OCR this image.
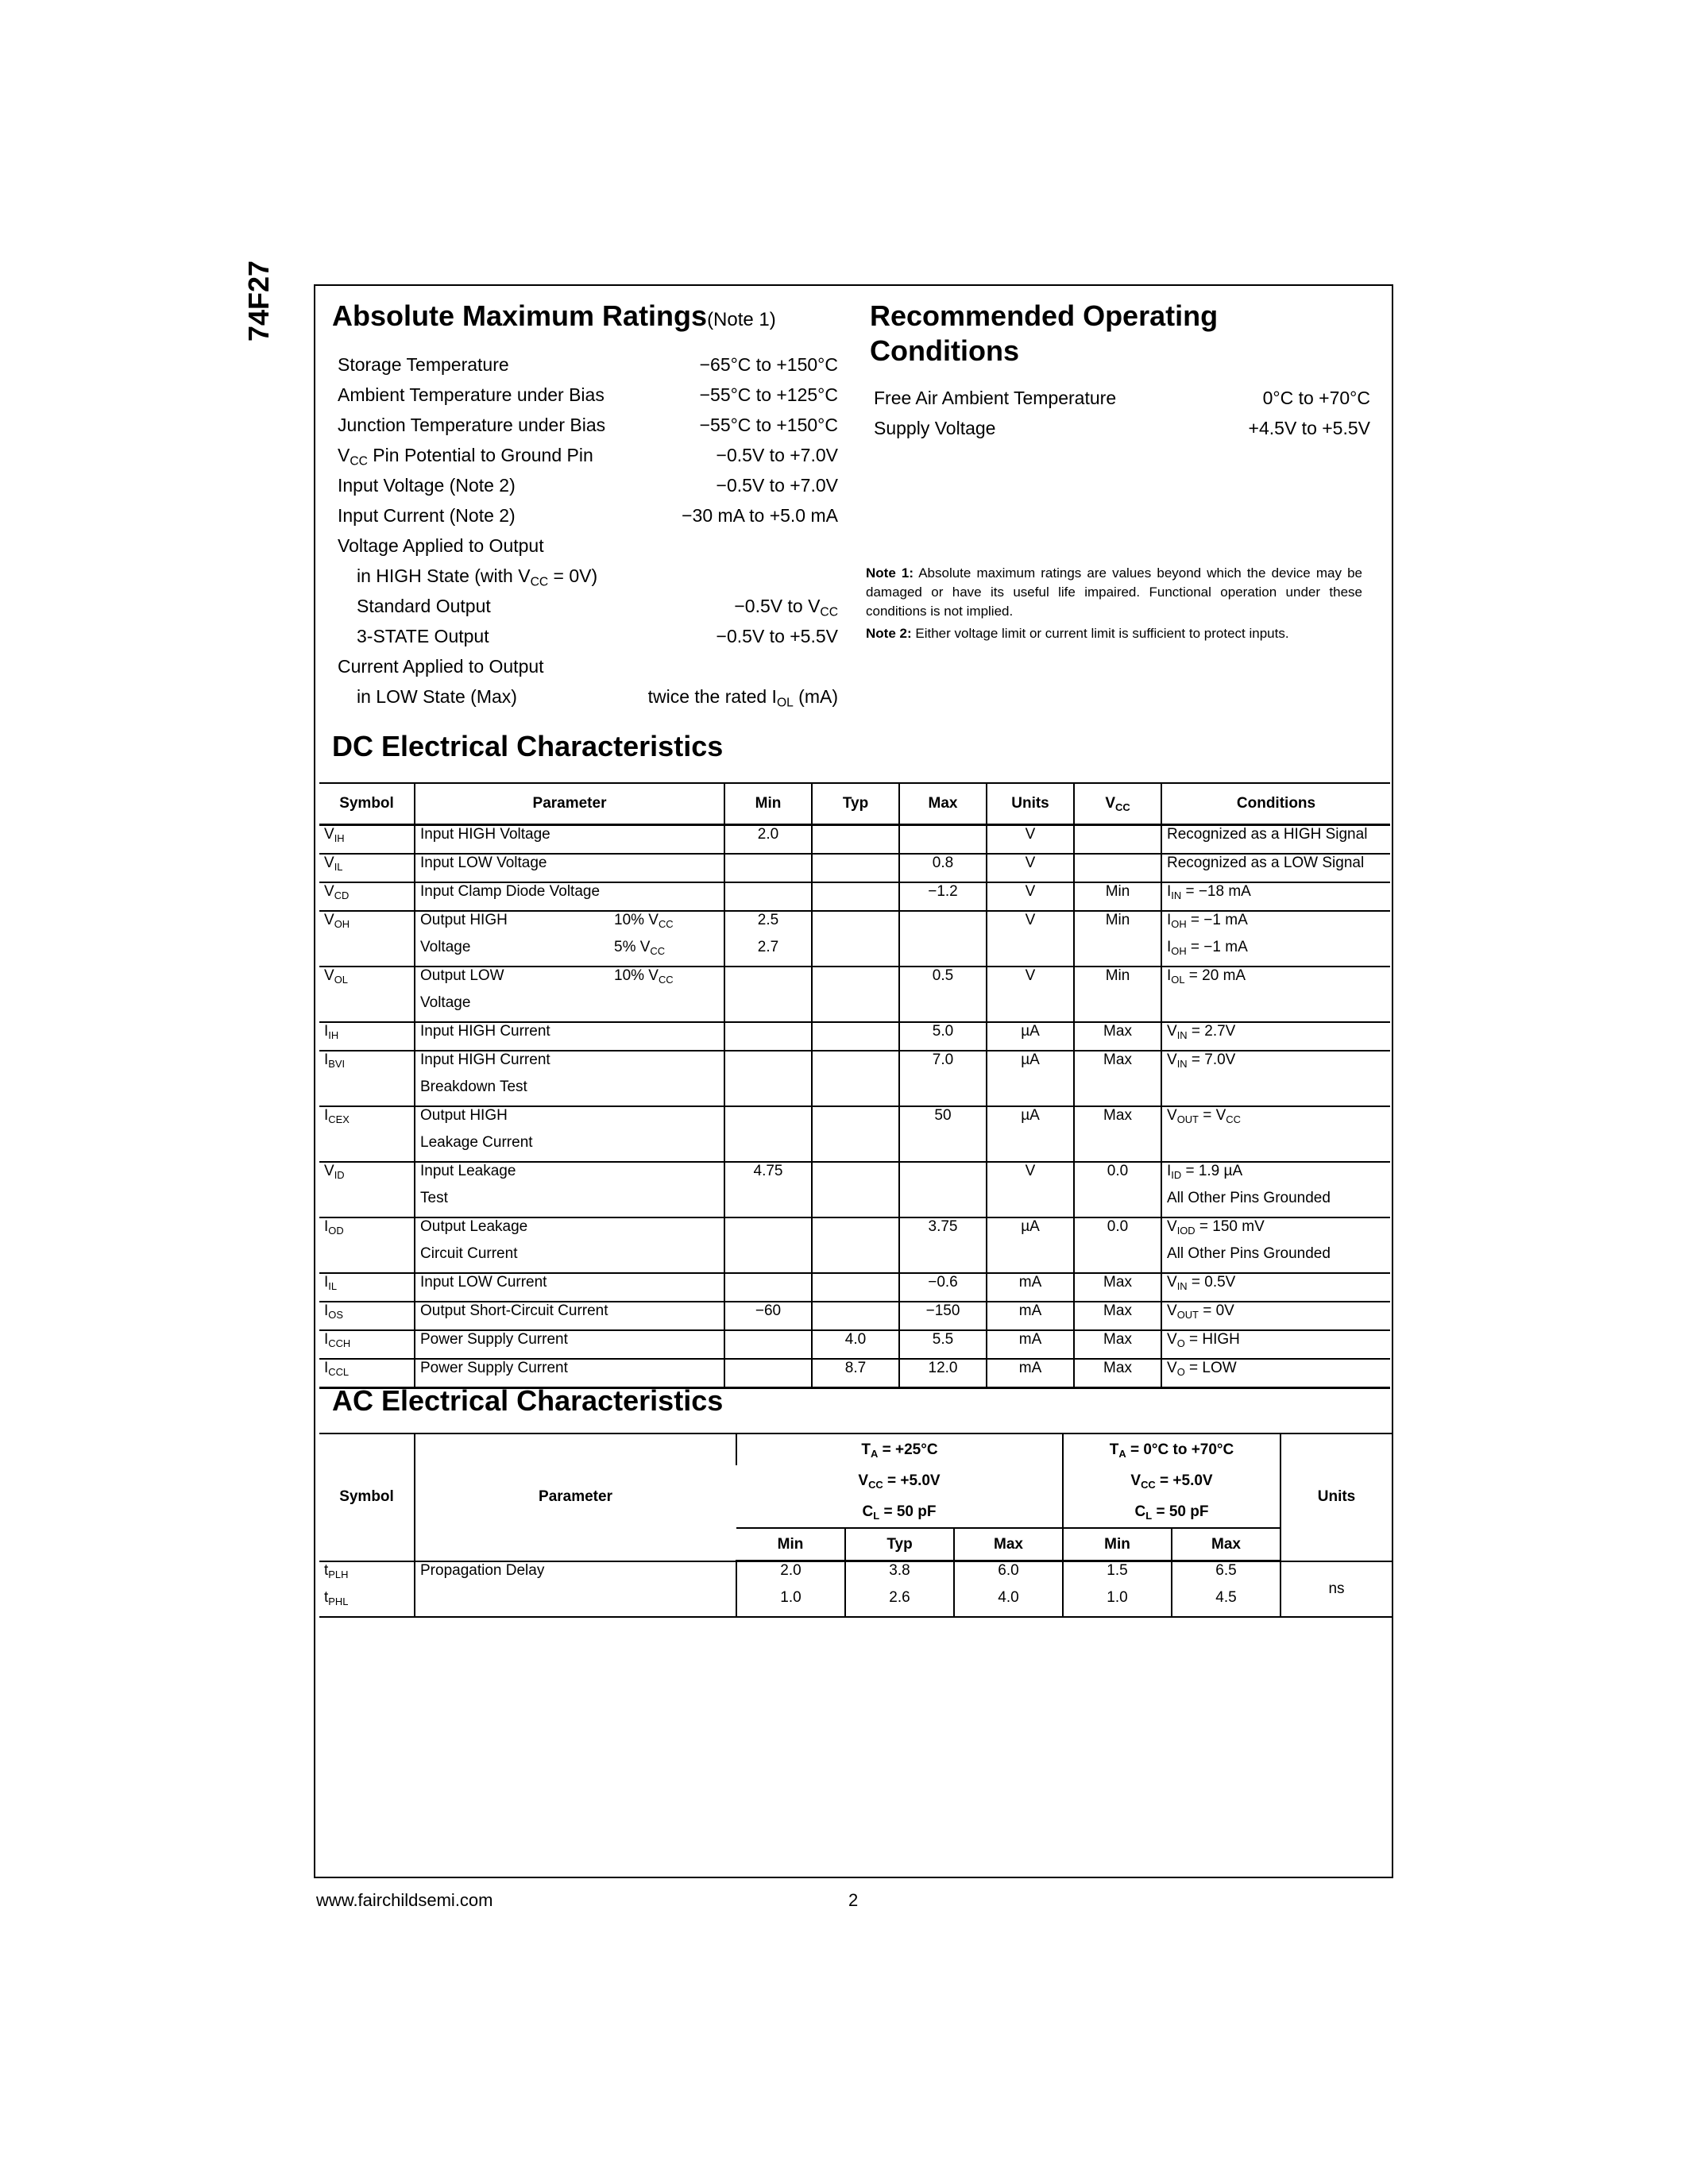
74F27	Absolute Maximum Ratings(Note 1)
Storage Temperature	−65°C to +150°C
Ambient Temperature under Bias	−55°C to +125°C
Junction Temperature under Bias	−55°C to +150°C
$V_{CC}$ Pin Potential to Ground Pin	−0.5V to +7.0V
Input Voltage (Note 2)	−0.5V to +7.0V
Input Current (Note 2)	−30 mA to +5.0 mA
Voltage Applied to Output
in HIGH State (with $V_{CC} = 0V$)
Standard Output	−0.5V to $V_{CC}$
3-STATE Output	−0.5V to +5.5V
Current Applied to Output
in LOW State (Max)	twice the rated $I_{OL}$ (mA)
Recommended Operating
Conditions
Free Air Ambient Temperature	0°C to +70°C
Supply Voltage	+4.5V to +5.5V
Note 1: Absolute maximum ratings are values beyond which the device may be damaged or have its useful life impaired. Functional operation under these conditions is not implied.
Note 2: Either voltage limit or current limit is sufficient to protect inputs.
DC Electrical Characteristics
Symbol	Parameter	Min	Typ	Max	Units	$V_{CC}$	Conditions
$V_{IH}$	Input HIGH Voltage	2.0			V		Recognized as a HIGH Signal
$V_{IL}$	Input LOW Voltage			0.8	V		Recognized as a LOW Signal
$V_{CD}$	Input Clamp Diode Voltage			−1.2	V	Min	$I_{IN} = -18$ mA
$V_{OH}$	Output HIGH 10% $V_{CC}$	2.5			V	Min	$I_{OH} = -1$ mA
	Voltage 5% $V_{CC}$	2.7					$I_{OH} = -1$ mA
$V_{OL}$	Output LOW 10% $V_{CC}$			0.5	V	Min	$I_{OL} = 20$ mA
	Voltage						
$I_{IH}$	Input HIGH Current			5.0	µA	Max	$V_{IN} = 2.7V$
$I_{BVI}$	Input HIGH Current			7.0	µA	Max	$V_{IN} = 7.0V$
	Breakdown Test						
$I_{CEX}$	Output HIGH			50	µA	Max	$V_{OUT} = V_{CC}$
	Leakage Current						
$V_{ID}$	Input Leakage	4.75			V	0.0	$I_{ID} = 1.9$ µA
	Test						All Other Pins Grounded
$I_{OD}$	Output Leakage			3.75	µA	0.0	$V_{IOD} = 150$ mV
	Circuit Current						All Other Pins Grounded
$I_{IL}$	Input LOW Current			−0.6	mA	Max	$V_{IN} = 0.5V$
$I_{OS}$	Output Short-Circuit Current	−60		−150	mA	Max	$V_{OUT} = 0V$
$I_{CCH}$	Power Supply Current		4.0	5.5	mA	Max	$V_O$ = HIGH
$I_{CCL}$	Power Supply Current		8.7	12.0	mA	Max	$V_O$ = LOW
AC Electrical Characteristics
Symbol	Parameter	$T_A = +25^\circ C$			$T_A = 0^\circ C$ to +70°C		Units
		$V_{CC} = +5.0V$			$V_{CC} = +5.0V$		
		$C_L = 50$ pF			$C_L = 50$ pF		
		Min	Typ	Max	Min	Max	
$t_{PLH}$	Propagation Delay	2.0	3.8	6.0	1.5	6.5	ns
$t_{PHL}$		1.0	2.6	4.0	1.0	4.5	
www.fairchildsemi.com	2
